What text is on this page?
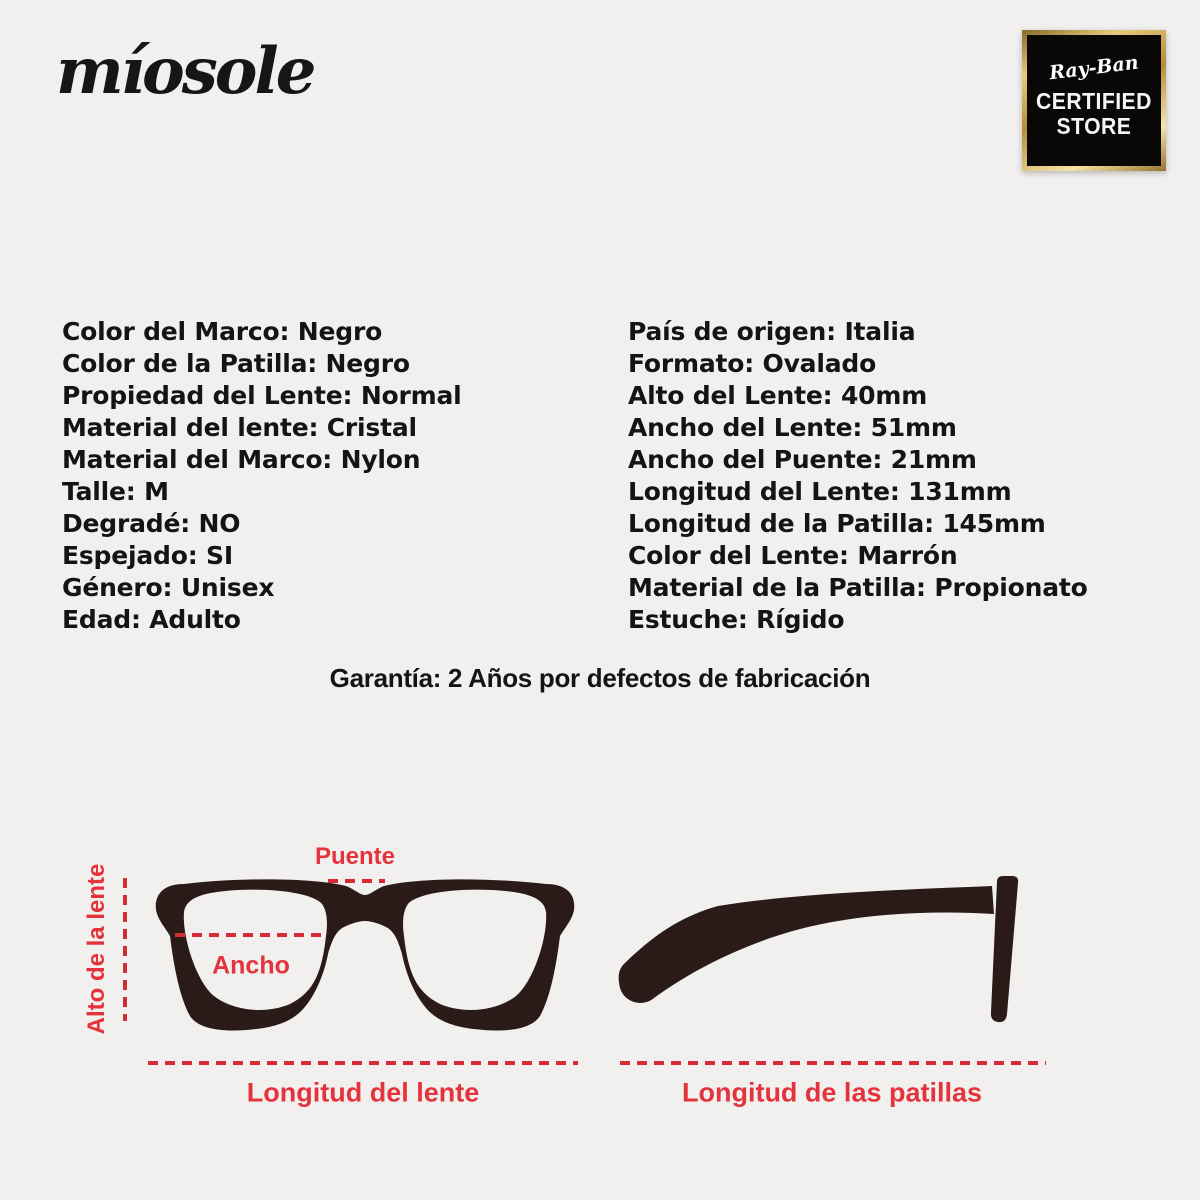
míosole	Ray-Ban
CERTIFIED
STORE
Color del Marco: Negro
Color de la Patilla: Negro
Propiedad del Lente: Normal
Material del lente: Cristal
Material del Marco: Nylon
Talle: M
Degradé: NO
Espejado: SI
Género: Unisex
Edad: Adulto
País de origen: Italia
Formato: Ovalado
Alto del Lente: 40mm
Ancho del Lente: 51mm
Ancho del Puente: 21mm
Longitud del Lente: 131mm
Longitud de la Patilla: 145mm
Color del Lente: Marrón
Material de la Patilla: Propionato
Estuche: Rígido
Garantía: 2 Años por defectos de fabricación
Puente
Alto de la lente	Ancho
Longitud del lente	Longitud de las patillas
